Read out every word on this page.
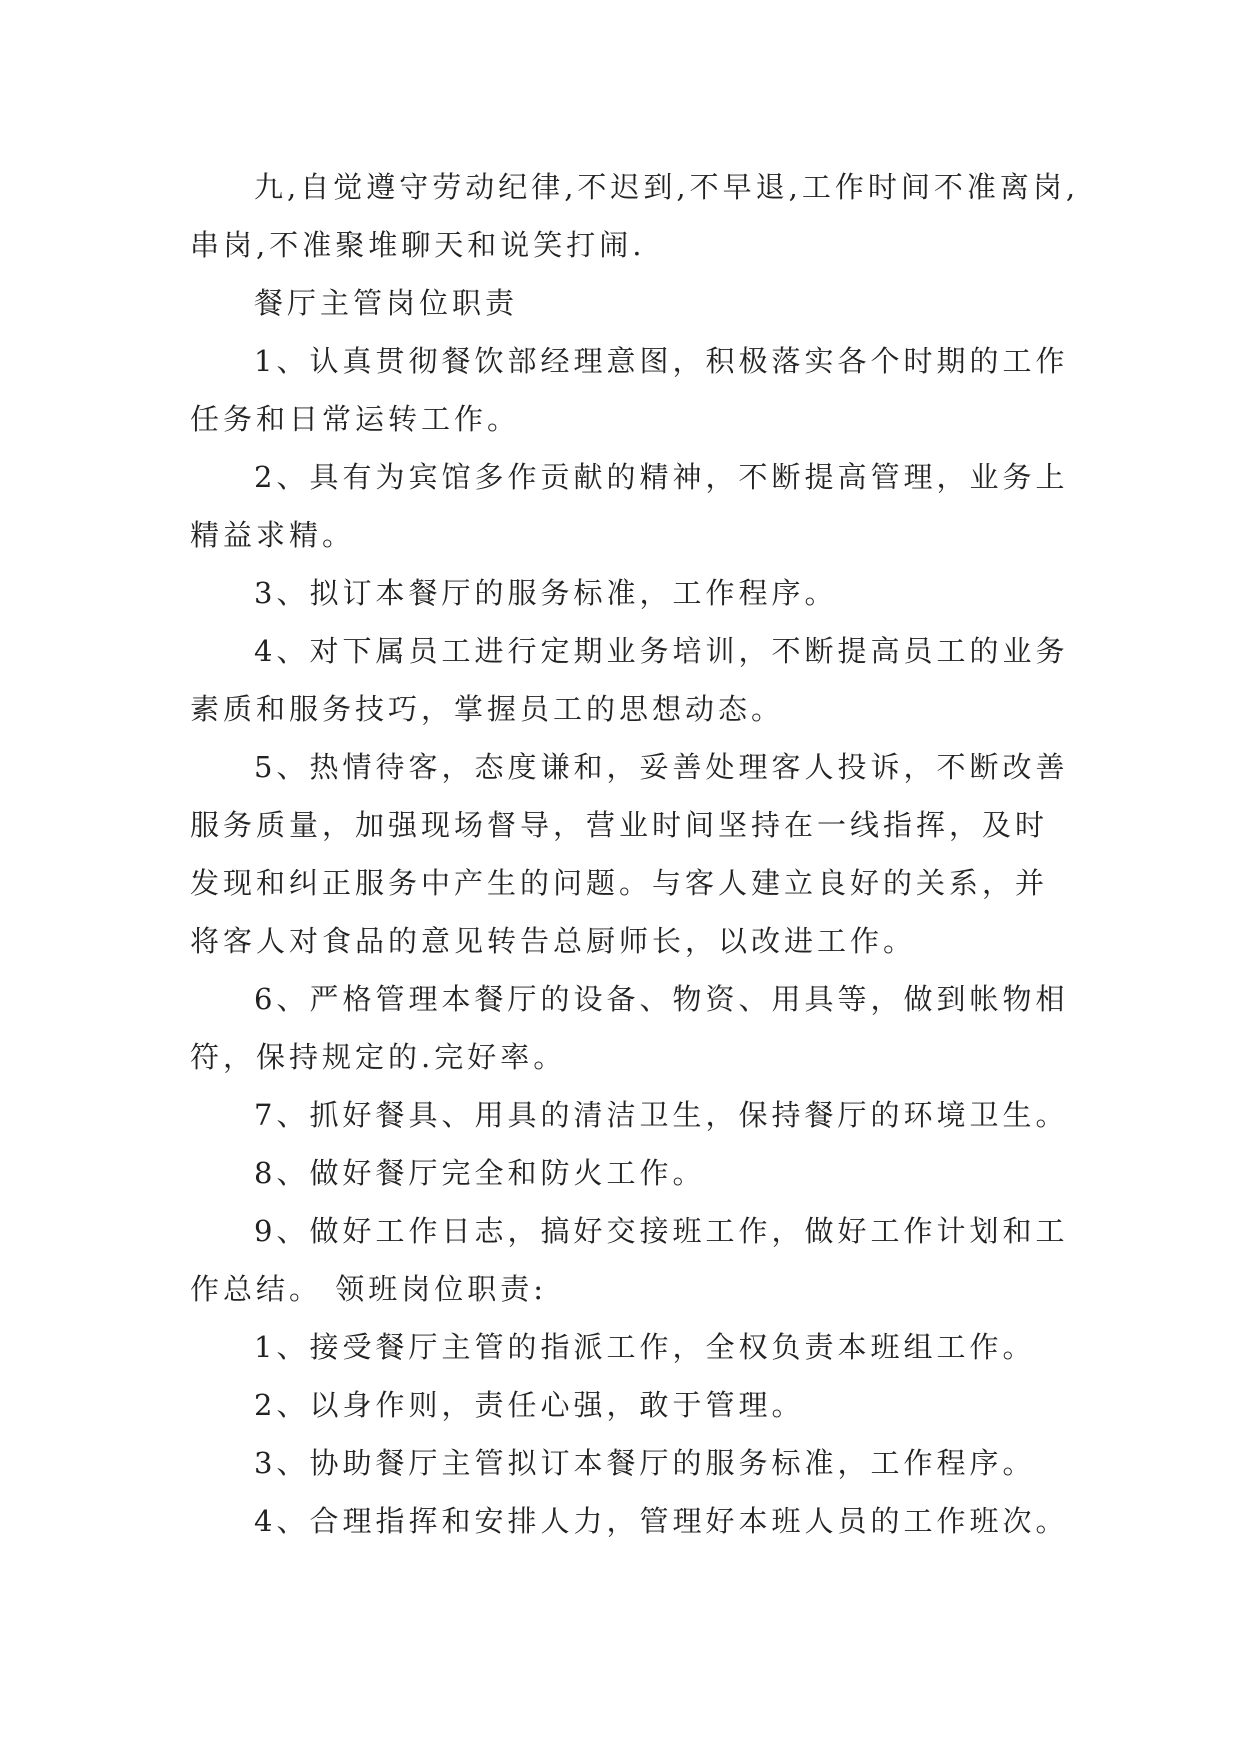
九,自觉遵守劳动纪律,不迟到,不早退,工作时间不准离岗,串岗,不准聚堆聊天和说笑打闹.

餐厅主管岗位职责

1、认真贯彻餐饮部经理意图，积极落实各个时期的工作任务和日常运转工作。

2、具有为宾馆多作贡献的精神，不断提高管理，业务上精益求精。

3、拟订本餐厅的服务标准，工作程序。

4、对下属员工进行定期业务培训，不断提高员工的业务素质和服务技巧，掌握员工的思想动态。

5、热情待客，态度谦和，妥善处理客人投诉，不断改善服务质量，加强现场督导，营业时间坚持在一线指挥，及时发现和纠正服务中产生的问题。与客人建立良好的关系，并将客人对食品的意见转告总厨师长，以改进工作。

6、严格管理本餐厅的设备、物资、用具等，做到帐物相符，保持规定的.完好率。

7、抓好餐具、用具的清洁卫生，保持餐厅的环境卫生。

8、做好餐厅完全和防火工作。

9、做好工作日志，搞好交接班工作，做好工作计划和工作总结。 领班岗位职责:

1、接受餐厅主管的指派工作，全权负责本班组工作。

2、以身作则，责任心强，敢于管理。

3、协助餐厅主管拟订本餐厅的服务标准，工作程序。

4、合理指挥和安排人力，管理好本班人员的工作班次。
